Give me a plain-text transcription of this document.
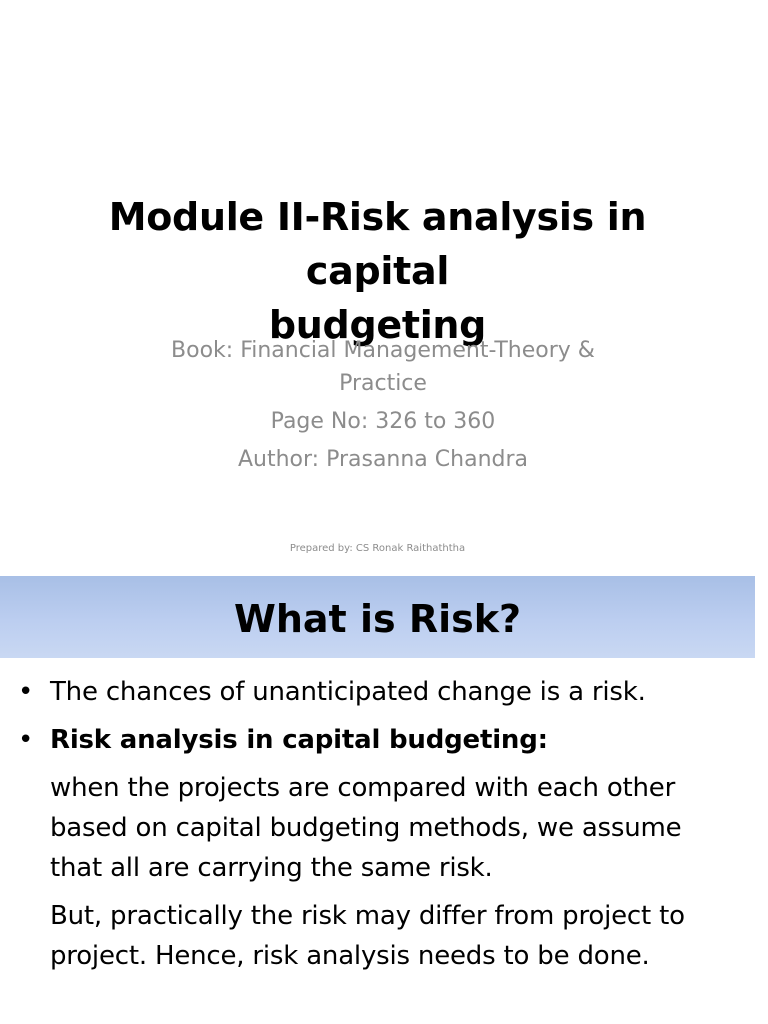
Module II-Risk analysis in capital
budgeting
Book: Financial Management-Theory &
Practice
Page No: 326 to 360
Author: Prasanna Chandra
Prepared by: CS Ronak Raithaththa
What is Risk?
• The chances of unanticipated change is a risk.
• Risk analysis in capital budgeting:
when the projects are compared with each other
based on capital budgeting methods, we assume
that all are carrying the same risk.
But, practically the risk may differ from project to
project. Hence, risk analysis needs to be done.
